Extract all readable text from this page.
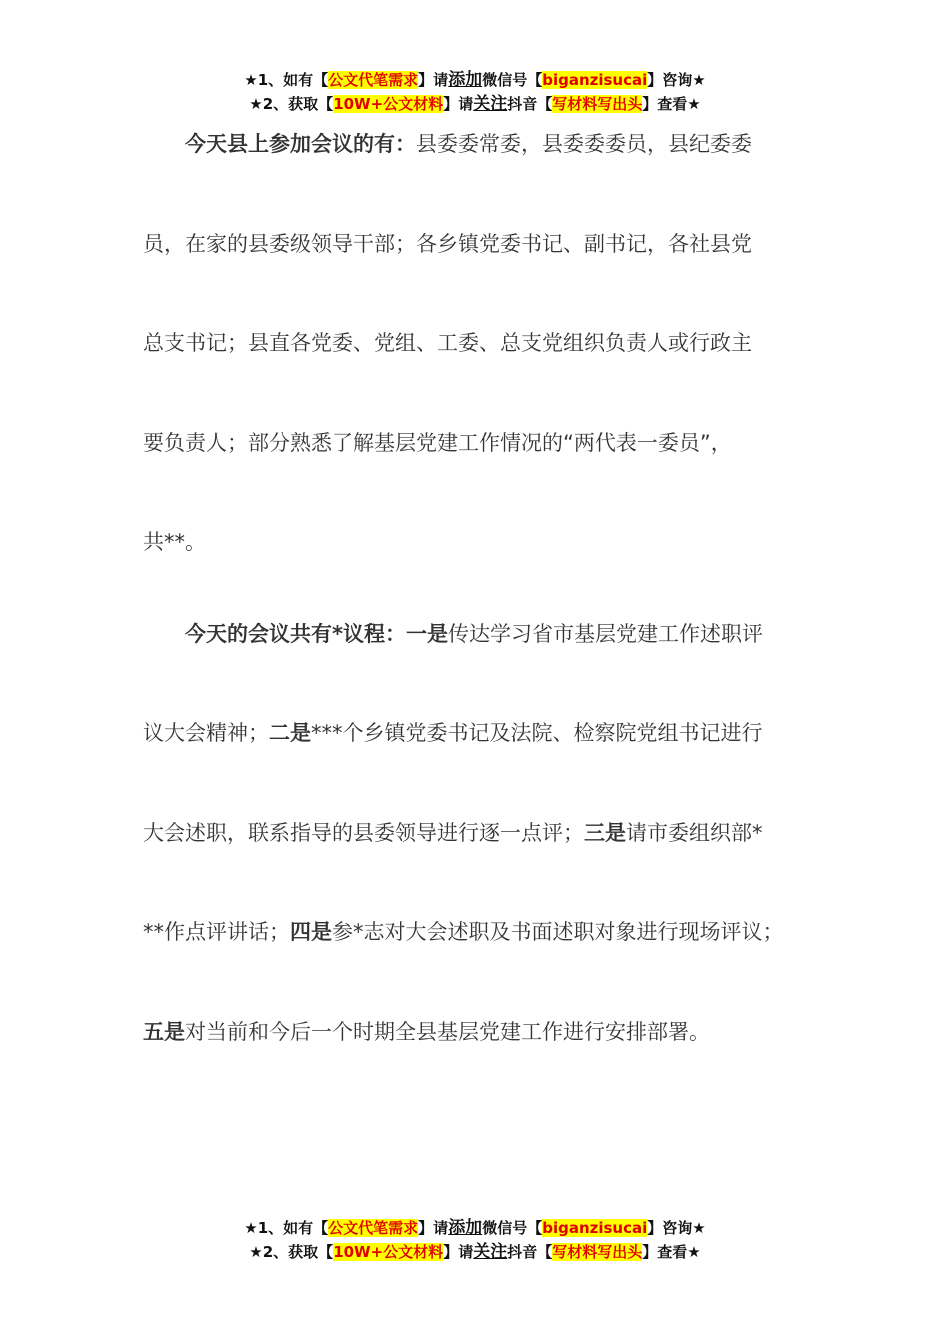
★1、如有【公文代笔需求】请添加微信号【biganzisucai】咨询★
★2、获取【10W+公文材料】请关注抖音【写材料写出头】查看★
今天县上参加会议的有：县委委常委，县委委委员，县纪委委
员，在家的县委级领导干部；各乡镇党委书记、副书记，各社县党
总支书记；县直各党委、党组、工委、总支党组织负责人或行政主
要负责人；部分熟悉了解基层党建工作情况的“两代表一委员”，
共**。
今天的会议共有*议程：一是传达学习省市基层党建工作述职评
议大会精神；二是***个乡镇党委书记及法院、检察院党组书记进行
大会述职，联系指导的县委领导进行逐一点评；三是请市委组织部*
**作点评讲话；四是参*志对大会述职及书面述职对象进行现场评议；
五是对当前和今后一个时期全县基层党建工作进行安排部署。
★1、如有【公文代笔需求】请添加微信号【biganzisucai】咨询★
★2、获取【10W+公文材料】请关注抖音【写材料写出头】查看★
